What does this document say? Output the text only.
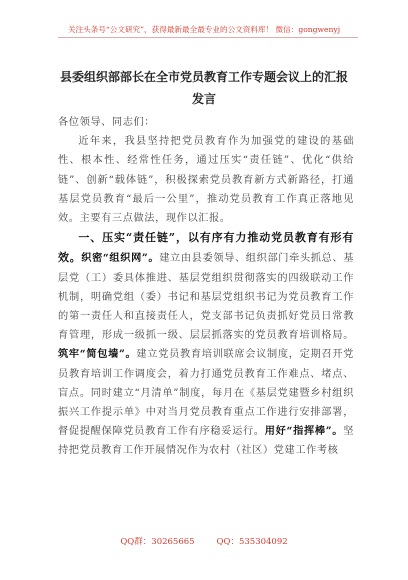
关注头条号“公文研究”，获得最新最全最专业的公文资料库！ 微信：gongwenyj
县委组织部部长在全市党员教育工作专题会议上的汇报发言

各位领导、同志们：

近年来，我县坚持把党员教育作为加强党的建设的基础性、根本性、经常性任务，通过压实“责任链”、优化“供给链”、创新“载体链”，积极探索党员教育新方式新路径，打通基层党员教育“最后一公里”，推动党员教育工作真正落地见效。主要有三点做法，现作以汇报。

一、压实“责任链”，以有序有力推动党员教育有形有效。织密“组织网”。建立由县委领导、组织部门牵头抓总、基层党（工）委具体推进、基层党组织贯彻落实的四级联动工作机制，明确党组（委）书记和基层党组织书记为党员教育工作的第一责任人和直接责任人，党支部书记负责抓好党员日常教育管理，形成一级抓一级、层层抓落实的党员教育培训格局。筑牢“简包墙”。建立党员教育培训联席会议制度，定期召开党员教育培训工作调度会，着力打通党员教育工作难点、堵点、盲点。同时建立“月清单”制度，每月在《基层党建暨乡村组织振兴工作提示单》中对当月党员教育重点工作进行安排部署，督促提醒保障党员教育工作有序稳妥运行。用好“指挥棒”。坚持把党员教育工作开展情况作为农村（社区）党建工作考核

QQ群：30265665	QQ：535304092
